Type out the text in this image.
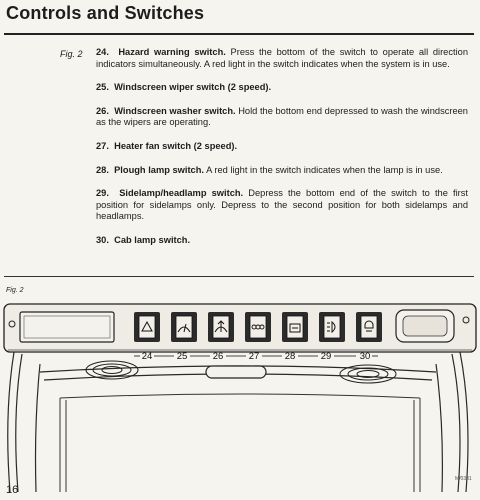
Controls and Switches
Fig. 2 24. Hazard warning switch. Press the bottom of the switch to operate all direction indicators simultaneously. A red light in the switch indicates when the system is in use.

25. Windscreen wiper switch (2 speed).

26. Windscreen washer switch. Hold the bottom end depressed to wash the windscreen as the wipers are operating.

27. Heater fan switch (2 speed).

28. Plough lamp switch. A red light in the switch indicates when the lamp is in use.

29. Sidelamp/headlamp switch. Depress the bottom end of the switch to the first position for sidelamps only. Depress to the second position for both sidelamps and headlamps.

30. Cab lamp switch.

Fig. 2
24	25	26	27	28	29	30
M/0331
16
